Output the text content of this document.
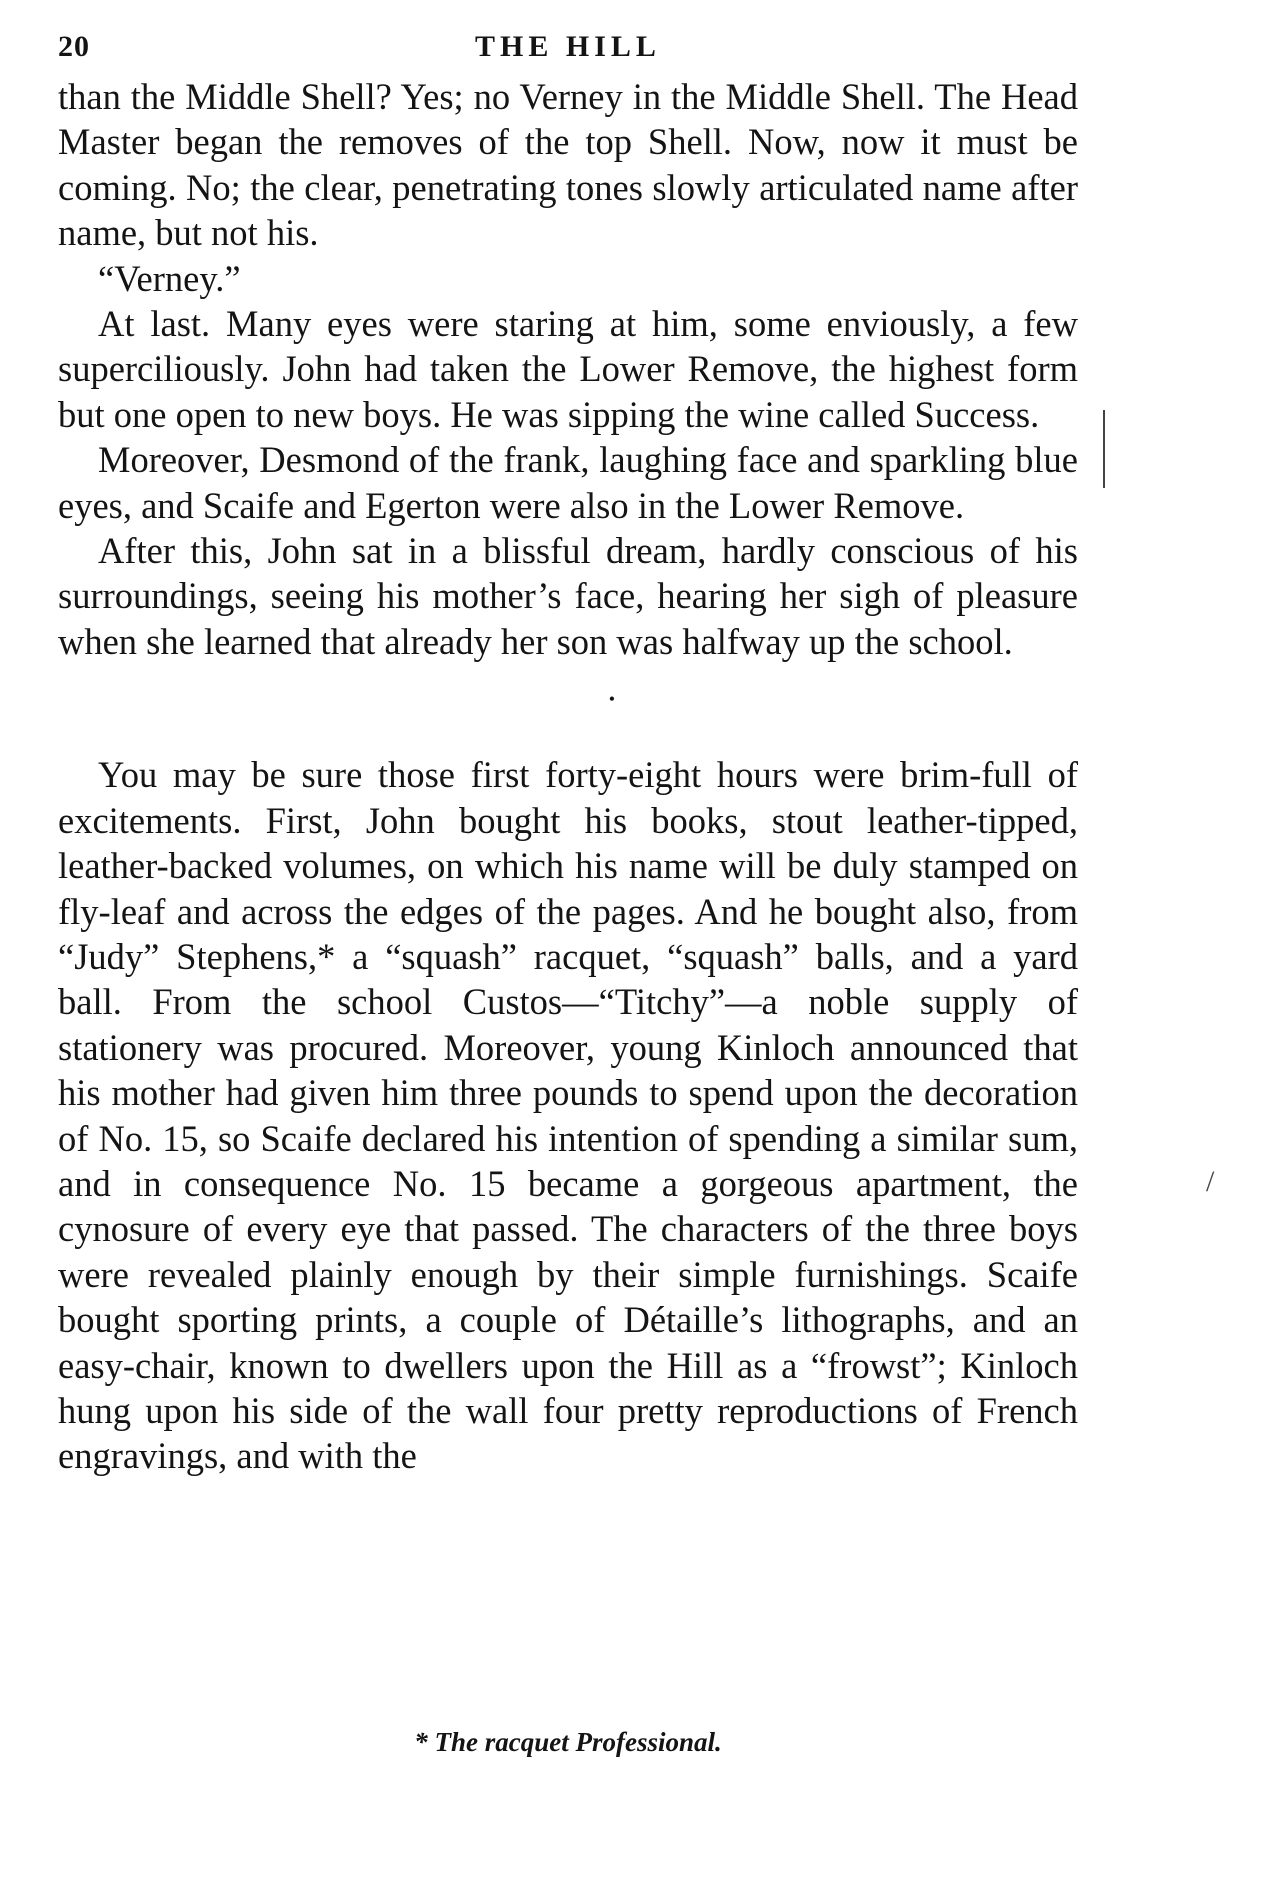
20	THE HILL

than the Middle Shell? Yes; no Verney in the Middle Shell. The Head Master began the removes of the top Shell. Now, now it must be coming. No; the clear, penetrating tones slowly articulated name after name, but not his.

“Verney.”

At last. Many eyes were staring at him, some enviously, a few superciliously. John had taken the Lower Remove, the highest form but one open to new boys. He was sipping the wine called Success.

Moreover, Desmond of the frank, laughing face and sparkling blue eyes, and Scaife and Egerton were also in the Lower Remove.

After this, John sat in a blissful dream, hardly conscious of his surroundings, seeing his mother’s face, hearing her sigh of pleasure when she learned that already her son was halfway up the school.

•

You may be sure those first forty-eight hours were brim-full of excitements. First, John bought his books, stout leather-tipped, leather-backed volumes, on which his name will be duly stamped on fly-leaf and across the edges of the pages. And he bought also, from “Judy” Stephens,* a “squash” racquet, “squash” balls, and a yard ball. From the school Custos—“Titchy”—a noble supply of stationery was procured. Moreover, young Kinloch announced that his mother had given him three pounds to spend upon the decoration of No. 15, so Scaife declared his intention of spending a similar sum, and in consequence No. 15 became a gorgeous apartment, the cynosure of every eye that passed. The characters of the three boys were revealed plainly enough by their simple furnishings. Scaife bought sporting prints, a couple of Détaille’s lithographs, and an easy-chair, known to dwellers upon the Hill as a “frowst”; Kinloch hung upon his side of the wall four pretty reproductions of French engravings, and with the

* The racquet Professional.
/
